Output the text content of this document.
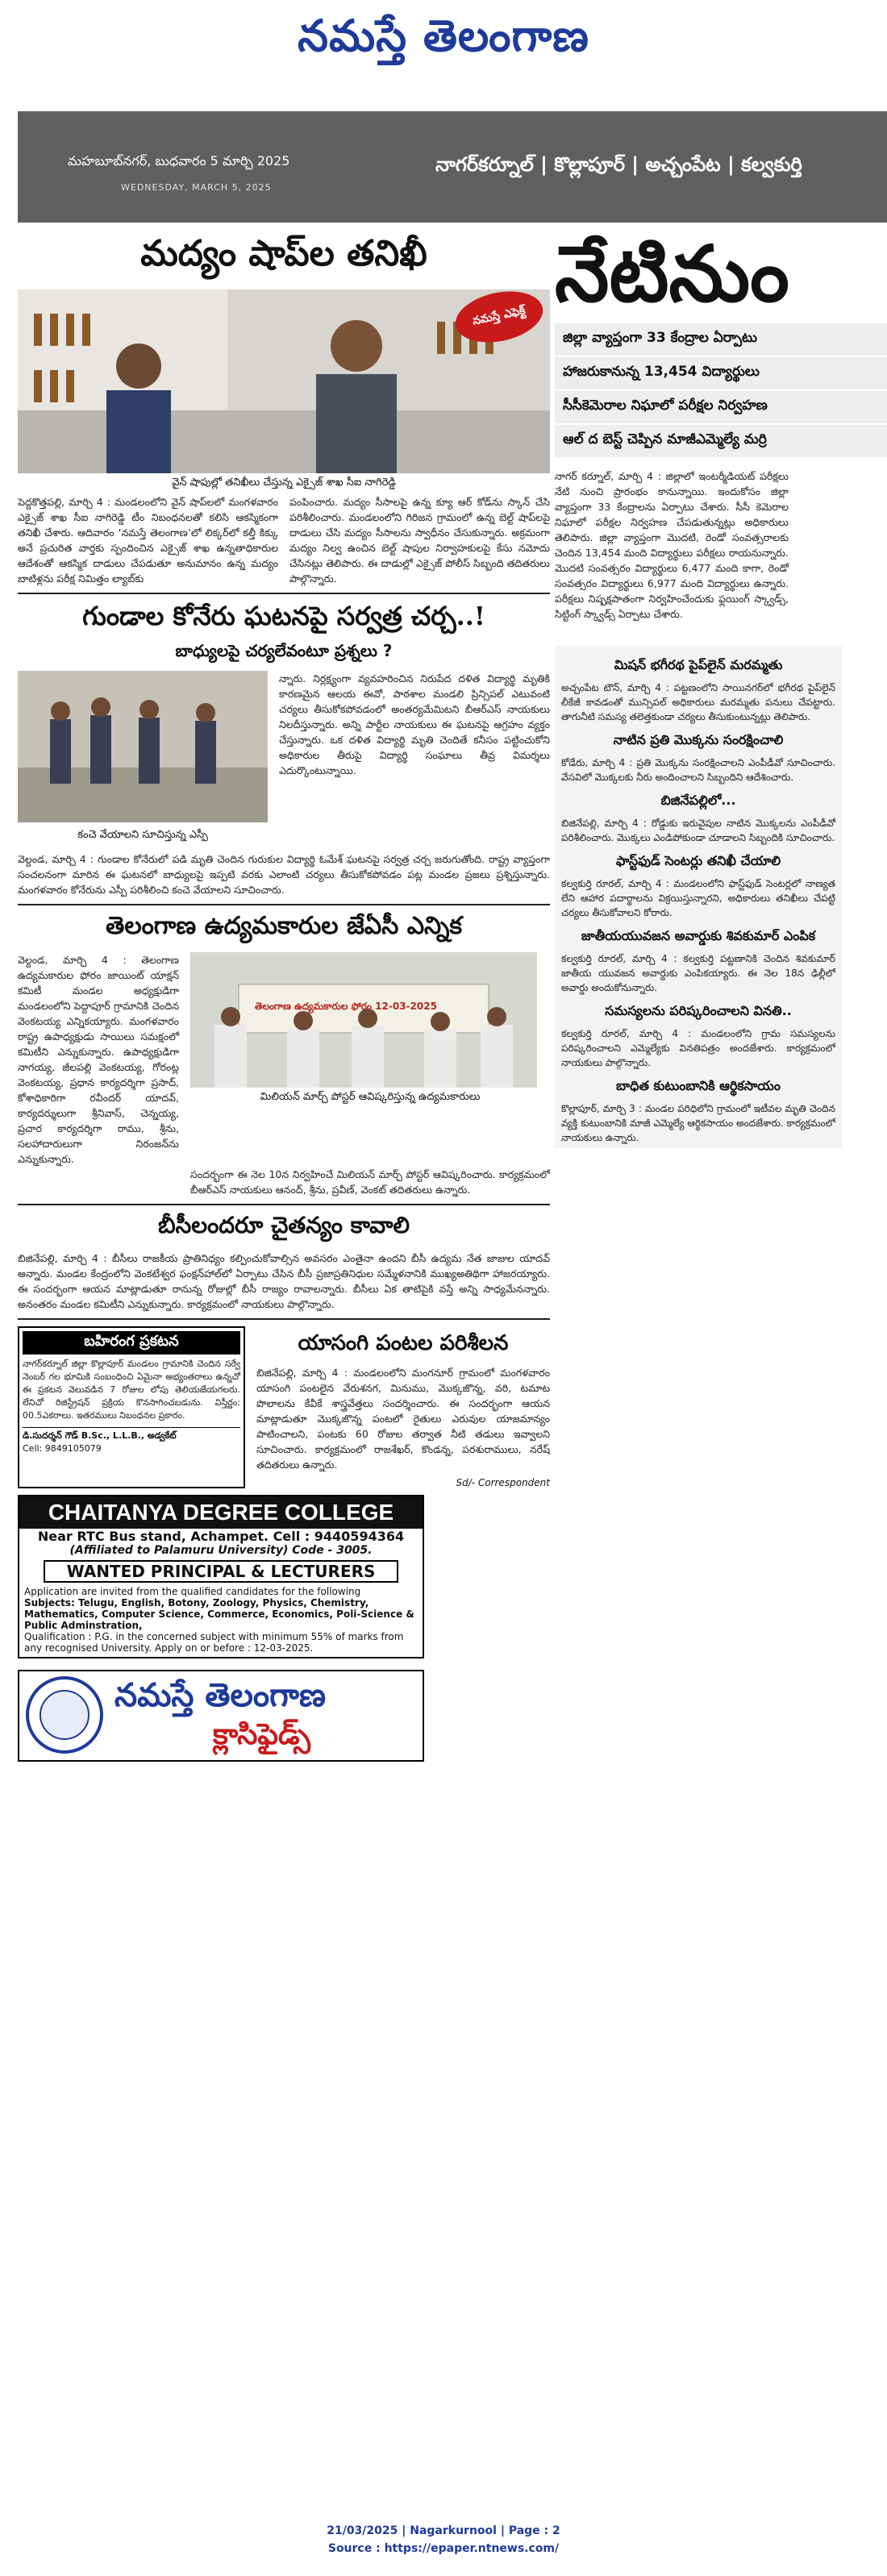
నమస్తే తెలంగాణ
మహబూబ్‌నగర్, బుధవారం 5 మార్చి 2025
WEDNESDAY, MARCH 5, 2025
నాగర్‌కర్నూల్ | కొల్లాపూర్ | అచ్చంపేట | కల్వకుర్తి
మద్యం షాప్‌ల తనిఖీ
నమస్తే ఎఫెక్ట్
వైన్ షాపుల్లో తనిఖీలు చేస్తున్న ఎక్సైజ్ శాఖ సీఐ నాగిరెడ్డి
పెద్దకొత్తపల్లి, మార్చి 4 : మండలంలోని వైన్ షాప్‌లలో మంగళవారం ఎక్సైజ్ శాఖ సీఐ నాగిరెడ్డి టీం నిబంధనలతో కలిసి ఆకస్మికంగా తనిఖీ చేశారు. ఆదివారం ‘నమస్తే తెలంగాణ’లో లిక్కర్‌లో కల్తీ కిక్కు అనే ప్రచురిత వార్తకు స్పందించిన ఎక్సైజ్ శాఖ ఉన్నతాధికారుల ఆదేశంతో ఆకస్మిక దాడులు చేపడుతూ అనుమానం ఉన్న మద్యం బాటిళ్లను పరీక్ష నిమిత్తం ల్యాబ్‌కు
పంపించారు. మద్యం సీసాలపై ఉన్న క్యూ ఆర్ కోడ్‌ను స్కాన్ చేసి పరిశీలించారు. మండలంలోని గిరిజన గ్రామంలో ఉన్న బెల్ట్ షాప్‌లపై దాడులు చేసి మద్యం సీసాలను స్వాధీనం చేసుకున్నారు. అక్రమంగా మద్యం నిల్వ ఉంచిన బెల్ట్ షాపుల నిర్వాహకులపై కేసు నమోదు చేసినట్లు తెలిపారు. ఈ దాడుల్లో ఎక్సైజ్ పోలీస్ సిబ్బంది తదితరులు పాల్గొన్నారు.
గుండాల కోనేరు ఘటనపై సర్వత్ర చర్చ..!
బాధ్యులపై చర్యలేవంటూ ప్రశ్నలు ?
కంచె వేయాలని సూచిస్తున్న ఎస్పీ
న్నారు. నిర్లక్ష్యంగా వ్యవహరించిన నిరుపేద దళిత విద్యార్థి మృతికి కారణమైన ఆలయ ఈవో, పాఠశాల మండలి ప్రిన్సిపల్ ఎటువంటి చర్యలు తీసుకోకపోవడంలో అంతర్యమేమిటని బీఆర్‌ఎస్ నాయకులు నిలదీస్తున్నారు. అన్ని పార్టీల నాయకులు ఈ ఘటనపై ఆగ్రహం వ్యక్తం చేస్తున్నారు. ఒక దళిత విద్యార్థి మృతి చెందితే కనీసం పట్టించుకోని అధికారుల తీరుపై విద్యార్థి సంఘాలు తీవ్ర విమర్శలు ఎదుర్కొంటున్నాయి.
వెల్దండ, మార్చి 4 : గుండాల కోనేరులో పడి మృతి చెందిన గురుకుల విద్యార్థి ఓమేశ్ ఘటనపై సర్వత్ర చర్చ జరుగుతోంది. రాష్ట్ర వ్యాప్తంగా సంచలనంగా మారిన ఈ ఘటనలో బాధ్యులపై ఇప్పటి వరకు ఎలాంటి చర్యలు తీసుకోకపోవడం పట్ల మండల ప్రజలు ప్రశ్నిస్తున్నారు. మంగళవారం కోనేరును ఎస్పీ పరిశీలించి కంచె వేయాలని సూచించారు.
తెలంగాణ ఉద్యమకారుల జేఏసీ ఎన్నిక
వెల్దండ, మార్చి 4 : తెలంగాణ ఉద్యమకారుల ఫోరం జాయింట్ యాక్షన్ కమిటీ మండల అధ్యక్షుడిగా మండలంలోని పెద్దాపూర్ గ్రామానికి చెందిన వెంకటయ్య ఎన్నికయ్యారు. మంగళవారం రాష్ట్ర ఉపాధ్యక్షుడు సాయిలు సమక్షంలో కమిటీని ఎన్నుకున్నారు. ఉపాధ్యక్షుడిగా నాగయ్య, జీలపల్లి వెంకటయ్య, గోరంట్ల వెంకటయ్య, ప్రధాన కార్యదర్శిగా ప్రసాద్, కోశాధికారిగా రవీందర్ యాదవ్, కార్యదర్శులుగా శ్రీనివాస్, చెన్నయ్య, ప్రచార కార్యదర్శిగా రాము, శ్రీను, సలహాదారులుగా నిరంజన్‌ను ఎన్నుకున్నారు.
తెలంగాణ ఉద్యమకారుల ఫోరం 12-03-2025
మిలియన్ మార్చ్ పోస్టర్ ఆవిష్కరిస్తున్న ఉద్యమకారులు
సందర్భంగా ఈ నెల 10న నిర్వహించే మిలియన్ మార్చ్ పోస్టర్ ఆవిష్కరించారు. కార్యక్రమంలో బీఆర్‌ఎస్ నాయకులు ఆనంద్, శ్రీను, ప్రవీణ్, వెంకట్ తదితరులు ఉన్నారు.
బీసీలందరూ చైతన్యం కావాలి
బిజినేపల్లి, మార్చి 4 : బీసీలు రాజకీయ ప్రాతినిధ్యం కల్పించుకోవాల్సిన అవసరం ఎంతైనా ఉందని బీసీ ఉద్యమ నేత జాజుల యాదవ్ అన్నారు. మండల కేంద్రంలోని వెంకటేశ్వర ఫంక్షన్‌హాల్‌లో ఏర్పాటు చేసిన బీసీ ప్రజాప్రతినిధుల సమ్మేళనానికి ముఖ్యఅతిథిగా హాజరయ్యారు. ఈ సందర్భంగా ఆయన మాట్లాడుతూ రానున్న రోజుల్లో బీసీ రాజ్యం రావాలన్నారు. బీసీలు ఏక తాటిపైకి వస్తే అన్ని సాధ్యమేనన్నారు. అనంతరం మండల కమిటీని ఎన్నుకున్నారు. కార్యక్రమంలో నాయకులు పాల్గొన్నారు.
బహిరంగ ప్రకటన
నాగర్‌కర్నూల్ జిల్లా కొల్లాపూర్ మండలం గ్రామానికి చెందిన సర్వే నెంబర్ గల భూమికి సంబంధించి ఏమైనా అభ్యంతరాలు ఉన్నచో ఈ ప్రకటన వెలువడిన 7 రోజుల లోపు తెలియజేయగలరు. లేనిచో రిజిస్ట్రేషన్ ప్రక్రియ కొనసాగించబడును. విస్తీర్ణం: 00.5ఎకరాలు. ఇతరములు నిబంధనల ప్రకారం.
డి.సుదర్శన్ గౌడ్ B.Sc., L.L.B., అడ్వకేట్
Cell: 9849105079
యాసంగి పంటల పరిశీలన
బిజినేపల్లి, మార్చి 4 : మండలంలోని మంగనూర్ గ్రామంలో మంగళవారం యాసంగి పంటలైన వేరుశనగ, మినుము, మొక్కజొన్న, వరి, టమాట పొలాలను కేవీకే శాస్త్రవేత్తలు సందర్శించారు. ఈ సందర్భంగా ఆయన మాట్లాడుతూ మొక్కజొన్న పంటలో రైతులు ఎరువుల యాజమాన్యం పాటించాలని, పంటకు 60 రోజుల తర్వాత నీటి తడులు ఇవ్వాలని సూచించారు. కార్యక్రమంలో రాజశేఖర్, కొండన్న, పరశురాములు, నరేష్ తదితరులు ఉన్నారు.
Sd/- Correspondent
CHAITANYA DEGREE COLLEGE
Near RTC Bus stand, Achampet. Cell : 9440594364
(Affiliated to Palamuru University) Code - 3005.
WANTED PRINCIPAL & LECTURERS
Application are invited from the qualified candidates for the following
Subjects: Telugu, English, Botony, Zoology, Physics, Chemistry, Mathematics, Computer Science, Commerce, Economics, Poli-Science & Public Adminstration,
Qualification : P.G. in the concerned subject with minimum 55% of marks from any recognised University. Apply on or before : 12-03-2025.
నమస్తే తెలంగాణ
క్లాసిఫైడ్స్
నేటినుం
జిల్లా వ్యాప్తంగా 33 కేంద్రాల ఏర్పాటు
హాజరుకానున్న 13,454 విద్యార్థులు
సీసీకెమెరాల నిఘాలో పరీక్షల నిర్వహణ
ఆల్ ద బెస్ట్ చెప్పిన మాజీఎమ్మెల్యే మర్రి
నాగర్ కర్నూల్, మార్చి 4 : జిల్లాలో ఇంటర్మీడియట్ పరీక్షలు నేటి నుంచి ప్రారంభం కానున్నాయి. ఇందుకోసం జిల్లా వ్యాప్తంగా 33 కేంద్రాలను ఏర్పాటు చేశారు. సీసీ కెమెరాల నిఘాలో పరీక్షల నిర్వహణ చేపడుతున్నట్లు అధికారులు తెలిపారు. జిల్లా వ్యాప్తంగా మొదటి, రెండో సంవత్సరాలకు చెందిన 13,454 మంది విద్యార్థులు పరీక్షలు రాయనున్నారు. మొదటి సంవత్సరం విద్యార్థులు 6,477 మంది కాగా, రెండో సంవత్సరం విద్యార్థులు 6,977 మంది విద్యార్థులు ఉన్నారు. పరీక్షలు నిష్పక్షపాతంగా నిర్వహించేందుకు ఫ్లయింగ్ స్క్వాడ్స్, సిట్టింగ్ స్క్వాడ్స్ ఏర్పాటు చేశారు.
మిషన్ భగీరథ పైప్‌లైన్ మరమ్మతు
అచ్చంపేట టౌన్, మార్చి 4 : పట్టణంలోని సాయినగర్‌లో భగీరథ పైప్‌లైన్ లీకేజీ కావడంతో మున్సిపల్ అధికారులు మరమ్మతు పనులు చేపట్టారు. తాగునీటి సమస్య తలెత్తకుండా చర్యలు తీసుకుంటున్నట్లు తెలిపారు.
నాటిన ప్రతి మొక్కను సంరక్షించాలి
కోడేరు, మార్చి 4 : ప్రతి మొక్కను సంరక్షించాలని ఎంపీడీవో సూచించారు. వేసవిలో మొక్కలకు నీరు అందించాలని సిబ్బందిని ఆదేశించారు.
బిజినేపల్లిలో...
బిజినేపల్లి, మార్చి 4 : రోడ్డుకు ఇరువైపుల నాటిన మొక్కలను ఎంపీడీవో పరిశీలించారు. మొక్కలు ఎండిపోకుండా చూడాలని సిబ్బందికి సూచించారు.
ఫాస్ట్‌ఫుడ్ సెంటర్లు తనిఖీ చేయాలి
కల్వకుర్తి రూరల్, మార్చి 4 : మండలంలోని ఫాస్ట్‌ఫుడ్ సెంటర్లలో నాణ్యత లేని ఆహార పదార్థాలను విక్రయిస్తున్నారని, అధికారులు తనిఖీలు చేపట్టి చర్యలు తీసుకోవాలని కోరారు.
జాతీయయువజన అవార్డుకు శివకుమార్ ఎంపిక
కల్వకుర్తి రూరల్, మార్చి 4 : కల్వకుర్తి పట్టణానికి చెందిన శివకుమార్ జాతీయ యువజన అవార్డుకు ఎంపికయ్యారు. ఈ నెల 18న ఢిల్లీలో అవార్డు అందుకోనున్నారు.
సమస్యలను పరిష్కరించాలని వినతి..
కల్వకుర్తి రూరల్, మార్చి 4 : మండలంలోని గ్రామ సమస్యలను పరిష్కరించాలని ఎమ్మెల్యేకు వినతిపత్రం అందజేశారు. కార్యక్రమంలో నాయకులు పాల్గొన్నారు.
బాధిత కుటుంబానికి ఆర్థికసాయం
కొల్లాపూర్, మార్చి 3 : మండల పరిధిలోని గ్రామంలో ఇటీవల మృతి చెందిన వ్యక్తి కుటుంబానికి మాజీ ఎమ్మెల్యే ఆర్థికసాయం అందజేశారు. కార్యక్రమంలో నాయకులు ఉన్నారు.
21/03/2025 | Nagarkurnool | Page : 2
Source : https://epaper.ntnews.com/
